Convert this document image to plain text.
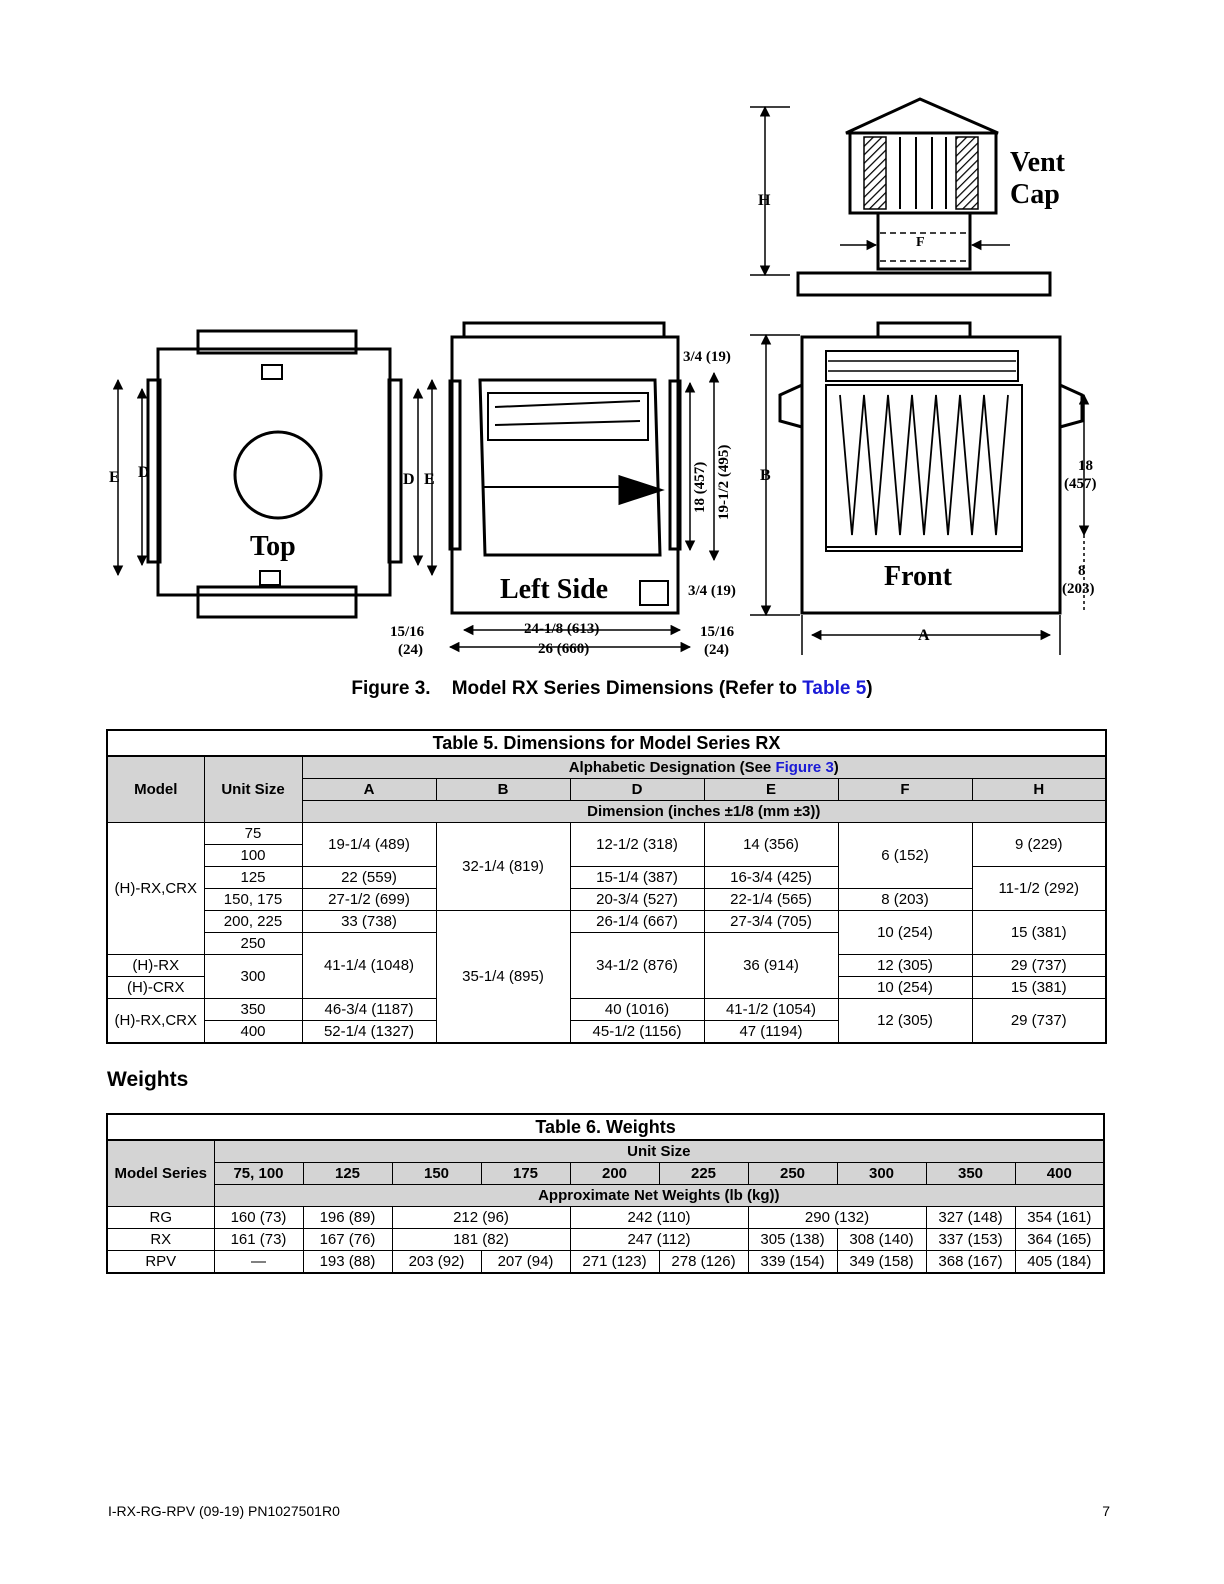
Top
E D	D E
Left Side
3/4 (19)
3/4 (19)
18 (457) 19-1/2 (495)
15/16
(24)
24-1/8 (613)
26 (660)
15/16
(24)
Vent
Cap
H
F
Front
B
A
18
(457)
8
(203)
Figure 3. Model RX Series Dimensions (Refer to Table 5)
Table 5. Dimensions for Model Series RX							
Model	Unit Size	Alphabetic Designation (See Figure 3)					
		A	B	D	E	F	H
		Dimension (inches ±1/8 (mm ±3))					
(H)-RX,CRX	75	19-1/4 (489)	32-1/4 (819)	12-1/2 (318)	14 (356)	6 (152)	9 (229)
	100						
	125	22 (559)		15-1/4 (387)	16-3/4 (425)		11-1/2 (292)
	150, 175	27-1/2 (699)		20-3/4 (527)	22-1/4 (565)	8 (203)	
	200, 225	33 (738)	35-1/4 (895)	26-1/4 (667)	27-3/4 (705)	10 (254)	15 (381)
	250	41-1/4 (1048)		34-1/2 (876)	36 (914)		
(H)-RX	300					12 (305)	29 (737)
(H)-CRX						10 (254)	15 (381)
(H)-RX,CRX	350	46-3/4 (1187)		40 (1016)	41-1/2 (1054)	12 (305)	29 (737)
	400	52-1/4 (1327)		45-1/2 (1156)	47 (1194)		
Weights
Table 6. Weights										
Model Series	Unit Size									
	75, 100	125	150	175	200	225	250	300	350	400
	Approximate Net Weights (lb (kg))									
RG	160 (73)	196 (89)	212 (96)		242 (110)		290 (132)		327 (148)	354 (161)
RX	161 (73)	167 (76)	181 (82)		247 (112)		305 (138)	308 (140)	337 (153)	364 (165)
RPV	—	193 (88)	203 (92)	207 (94)	271 (123)	278 (126)	339 (154)	349 (158)	368 (167)	405 (184)
I-RX-RG-RPV (09-19) PN1027501R0	7
